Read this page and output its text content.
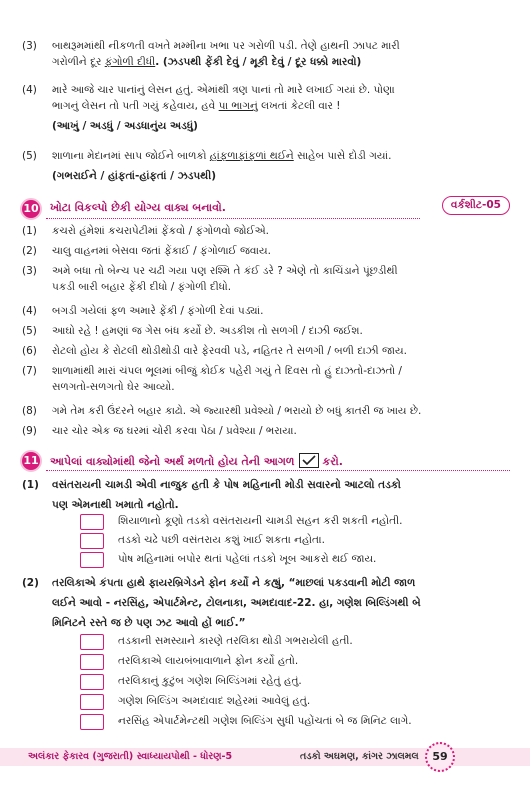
(3)	બાથરૂમમાંથી નીકળતી વખતે મમ્મીના ખભા પર ગરોળી પડી. તેણે હાથની ઝાપટ મારી
ગરોળીને દૂર ફંગોળી દીધી. (ઝડપથી ફેંકી દેવું / મૂકી દેવું / દૂર ધક્કો મારવો)
(4)	મારે આજે ચાર પાનાંનું લેસન હતું. એમાંથી ત્રણ પાનાં તો મારે લખાઈ ગયાં છે. પોણા
ભાગનું લેસન તો પતી ગયું કહેવાય, હવે પા ભાગનું લખતાં કેટલી વાર !
(આખું / અડધું / અડધાનુંય અડધું)
(5)	શાળાના મેદાનમાં સાપ જોઈને બાળકો હાંફળાફાંફળાં થઈને સાહેબ પાસે દોડી ગયાં.
(ગભરાઈને / હાંફતાં-હાંફતાં / ઝડપથી)
10	ખોટા વિકલ્પો છેકી યોગ્ય વાક્ય બનાવો.	વર્કશીટ-05
(1)	કચરો હંમેશાં કચરાપેટીમાં ફેંકવો / ફંગોળવો જોઈએ.
(2)	ચાલુ વાહનમાં બેસવા જતાં ફેંકાઈ / ફંગોળાઈ જવાય.
(3)	અમે બધા તો બેન્ચ પર ચઢી ગયા પણ રશ્મિ તે કંઈ ડરે ? એણે તો કાચિંડાને પૂંછડીથી
પકડી બારી બહાર ફેંકી દીધો / ફંગોળી દીધો.
(4)	બગડી ગયેલાં ફળ અમારે ફેંકી / ફંગોળી દેવાં પડ્યાં.
(5)	આઘો રહે ! હમણાં જ ગેસ બંધ કર્યો છે. અડકીશ તો સળગી / દાઝી જઈશ.
(6)	રોટલો હોય કે રોટલી થોડીથોડી વારે ફેરવવી પડે, નહિતર તે સળગી / બળી દાઝી જાય.
(7)	શાળામાંથી મારાં ચંપલ ભૂલમાં બીજું કોઈક પહેરી ગયું તે દિવસ તો હું દાઝતો-દાઝતો /
સળગતો-સળગતો ઘેર આવ્યો.
(8)	ગમે તેમ કરી ઉંદરને બહાર કાઢો. એ જ્યારથી પ્રવેશ્યો / ભરાયો છે બધું કાતરી જ ખાય છે.
(9)	ચાર ચોર એક જ ઘરમાં ચોરી કરવા પેઠા / પ્રવેશ્યા / ભરાયા.
11	આપેલાં વાક્યોમાંથી જેનો અર્થ મળતો હોય તેની આગળ	કરો.
(1)	વસંતરાયની ચામડી એવી નાજુક હતી કે પોષ મહિનાની મોડી સવારનો આટલો તડકો
પણ એમનાથી ખમાતો નહોતો.
શિયાળાનો કૂણો તડકો વસંતરાયની ચામડી સહન કરી શકતી નહોતી.
તડકો ચઢે પછી વસંતરાય કશું ખાઈ શકતા નહોતા.
પોષ મહિનામાં બપોર થતાં પહેલાં તડકો ખૂબ આકરો થઈ જાય.
(2)	તરલિકાએ કંપતા હાથે ફાયરબ્રિગેડને ફોન કર્યો ને કહ્યું, “માછલાં પકડવાની મોટી જાળ
લઈને આવો - નરસિંહ, એપાર્ટમેન્ટ, ટોલનાકા, અમદાવાદ-22. હા, ગણેશ બિલ્ડિંગથી બે
મિનિટને રસ્તે જ છે પણ ઝટ આવો હોં ભાઈ.”
તડકાની સમસ્યાને કારણે તરલિકા થોડી ગભરાયેલી હતી.
તરલિકાએ લાયબંબાવાળાને ફોન કર્યો હતો.
તરલિકાનું કુટુંબ ગણેશ બિલ્ડિંગમાં રહેતું હતું.
ગણેશ બિલ્ડિંગ અમદાવાદ શહેરમાં આવેલું હતું.
નરસિંહ એપાર્ટમેન્ટથી ગણેશ બિલ્ડિંગ સુધી પહોંચતાં બે જ મિનિટ લાગે.
અલંકાર ફેકારવ (ગુજરાતી) સ્વાધ્યાયપોથી - ધોરણ-5	તડકો અઘમણ, કાંગર ઝાલમલ	59
